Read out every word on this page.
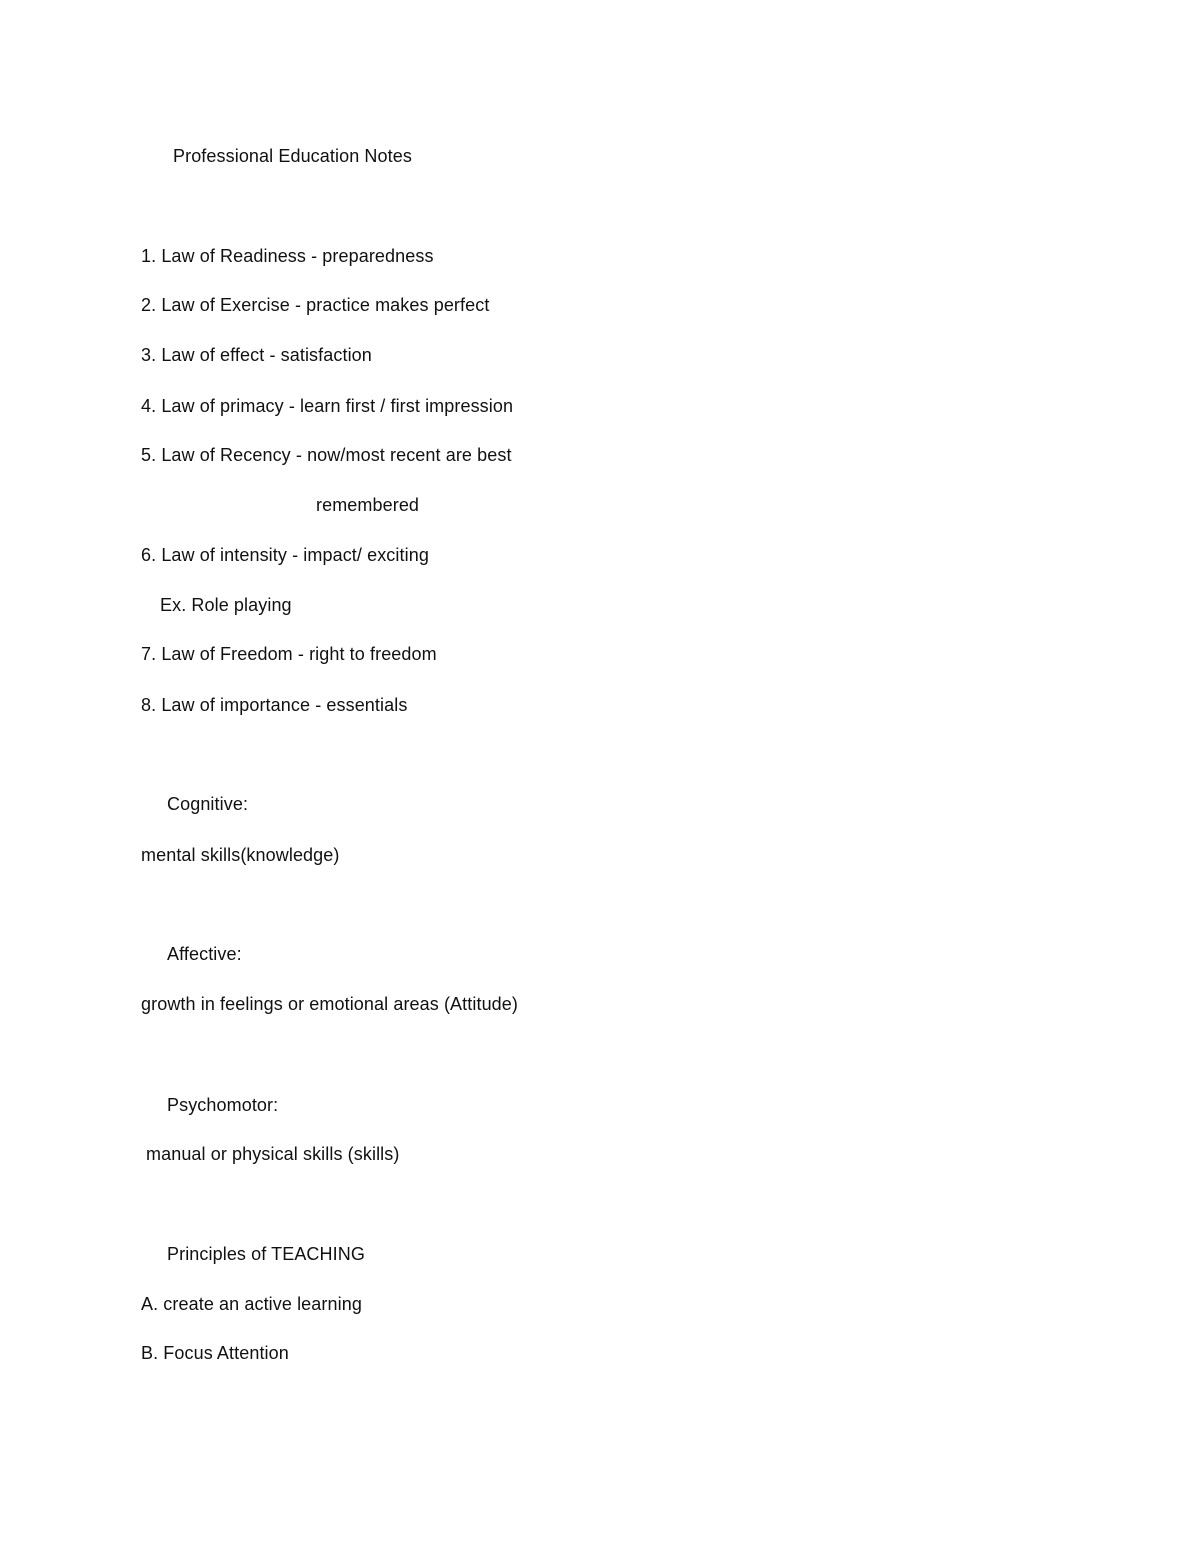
Professional Education Notes
1. Law of Readiness - preparedness
2. Law of Exercise - practice makes perfect
3. Law of effect - satisfaction
4. Law of primacy - learn first / first impression
5. Law of Recency - now/most recent are best
remembered
6. Law of intensity - impact/ exciting
Ex. Role playing
7. Law of Freedom - right to freedom
8. Law of importance - essentials
Cognitive:
mental skills(knowledge)
Affective:
growth in feelings or emotional areas (Attitude)
Psychomotor:
manual or physical skills (skills)
Principles of TEACHING
A. create an active learning
B. Focus Attention
